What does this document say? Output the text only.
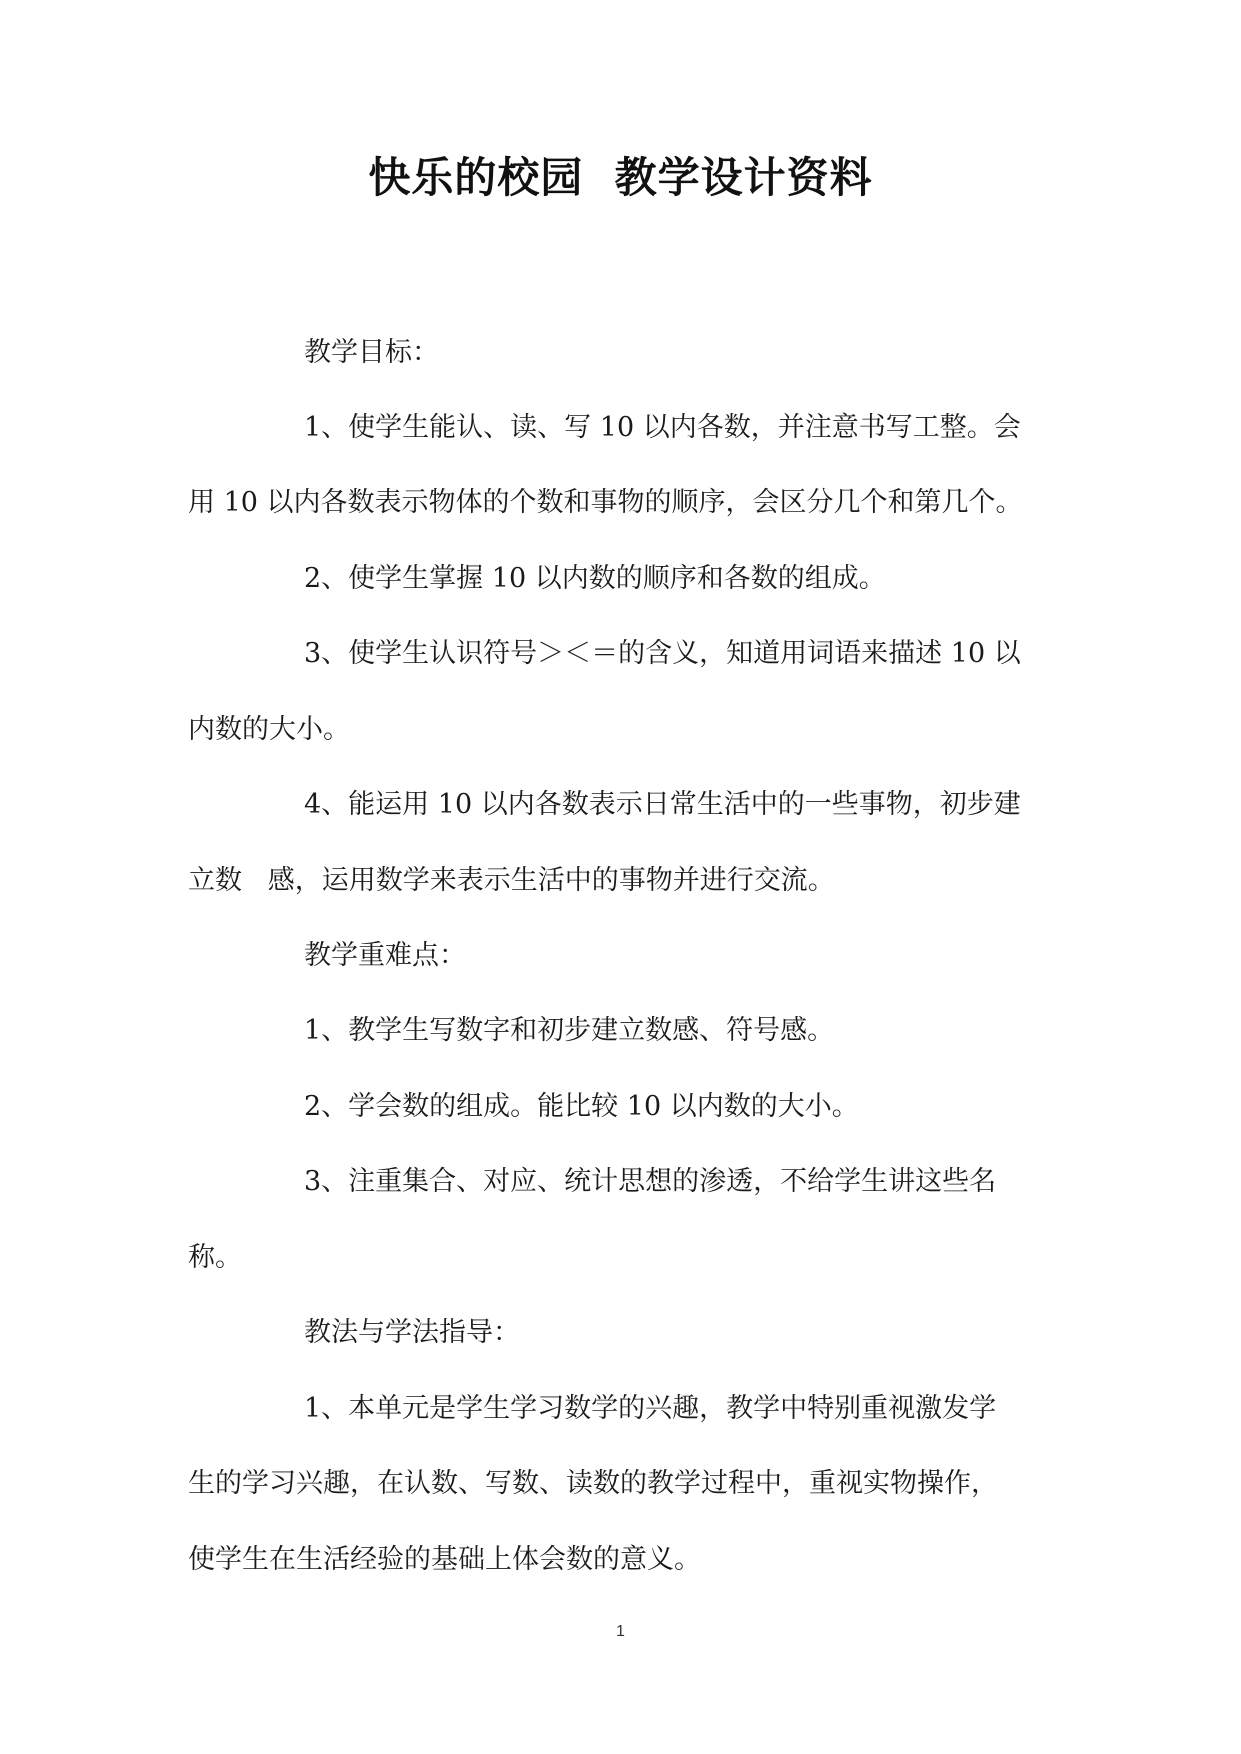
快乐的校园  教学设计资料
教学目标：
1、使学生能认、读、写 10 以内各数，并注意书写工整。会
用 10 以内各数表示物体的个数和事物的顺序，会区分几个和第几个。
2、使学生掌握 10 以内数的顺序和各数的组成。
3、使学生认识符号＞＜＝的含义，知道用词语来描述 10 以
内数的大小。
4、能运用 10 以内各数表示日常生活中的一些事物，初步建
立数   感，运用数学来表示生活中的事物并进行交流。
教学重难点：
1、教学生写数字和初步建立数感、符号感。
2、学会数的组成。能比较 10 以内数的大小。
3、注重集合、对应、统计思想的渗透，不给学生讲这些名
称。
教法与学法指导：
1、本单元是学生学习数学的兴趣，教学中特别重视激发学
生的学习兴趣，在认数、写数、读数的教学过程中，重视实物操作，
使学生在生活经验的基础上体会数的意义。
1
